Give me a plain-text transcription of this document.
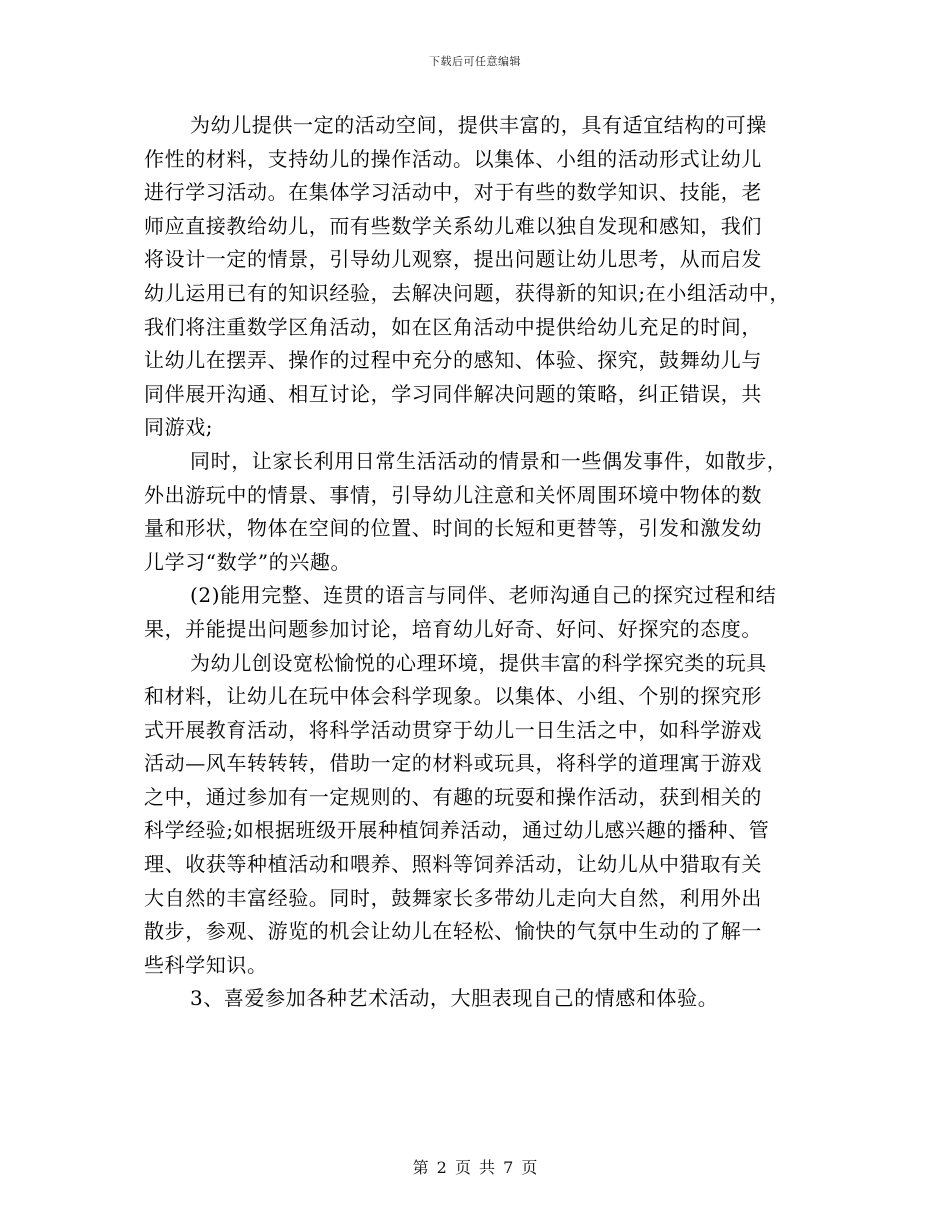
下载后可任意编辑
为幼儿提供一定的活动空间，提供丰富的，具有适宜结构的可操
作性的材料，支持幼儿的操作活动。以集体、小组的活动形式让幼儿
进行学习活动。在集体学习活动中，对于有些的数学知识、技能，老
师应直接教给幼儿，而有些数学关系幼儿难以独自发现和感知，我们
将设计一定的情景，引导幼儿观察，提出问题让幼儿思考，从而启发
幼儿运用已有的知识经验，去解决问题，获得新的知识;在小组活动中，
我们将注重数学区角活动，如在区角活动中提供给幼儿充足的时间，
让幼儿在摆弄、操作的过程中充分的感知、体验、探究，鼓舞幼儿与
同伴展开沟通、相互讨论，学习同伴解决问题的策略，纠正错误，共
同游戏;
同时，让家长利用日常生活活动的情景和一些偶发事件，如散步，
外出游玩中的情景、事情，引导幼儿注意和关怀周围环境中物体的数
量和形状，物体在空间的位置、时间的长短和更替等，引发和激发幼
儿学习“数学”的兴趣。
(2)能用完整、连贯的语言与同伴、老师沟通自己的探究过程和结
果，并能提出问题参加讨论，培育幼儿好奇、好问、好探究的态度。
为幼儿创设宽松愉悦的心理环境，提供丰富的科学探究类的玩具
和材料，让幼儿在玩中体会科学现象。以集体、小组、个别的探究形
式开展教育活动，将科学活动贯穿于幼儿一日生活之中，如科学游戏
活动—风车转转转，借助一定的材料或玩具，将科学的道理寓于游戏
之中，通过参加有一定规则的、有趣的玩耍和操作活动，获到相关的
科学经验;如根据班级开展种植饲养活动，通过幼儿感兴趣的播种、管
理、收获等种植活动和喂养、照料等饲养活动，让幼儿从中猎取有关
大自然的丰富经验。同时，鼓舞家长多带幼儿走向大自然，利用外出
散步，参观、游览的机会让幼儿在轻松、愉快的气氛中生动的了解一
些科学知识。
3、喜爱参加各种艺术活动，大胆表现自己的情感和体验。
第 2 页 共 7 页
